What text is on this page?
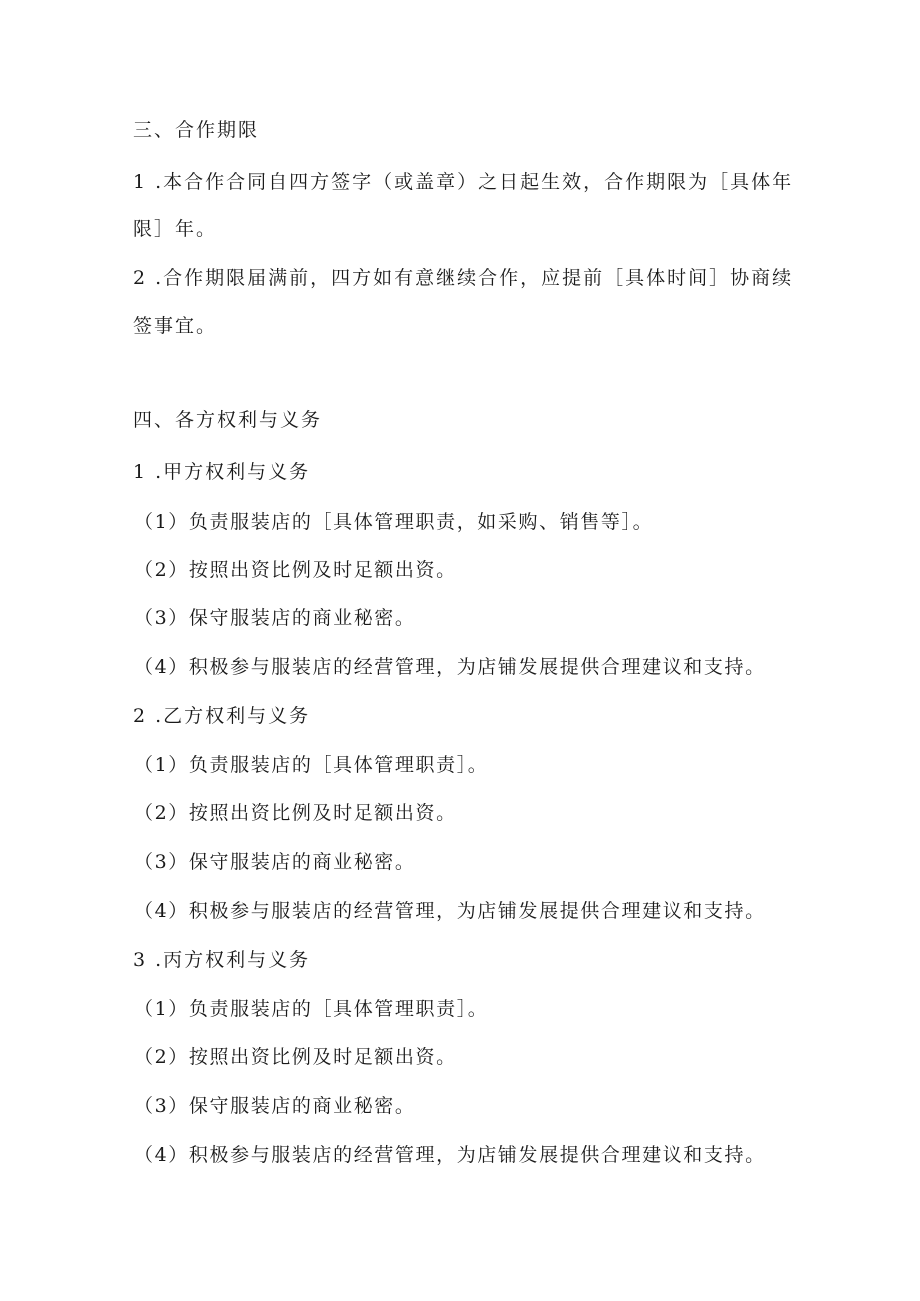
三、合作期限
1 .本合作合同自四方签字（或盖章）之日起生效，合作期限为［具体年
限］年。
2 .合作期限届满前，四方如有意继续合作，应提前［具体时间］协商续
签事宜。
四、各方权利与义务
1 .甲方权利与义务
（1）负责服装店的［具体管理职责，如采购、销售等］。
（2）按照出资比例及时足额出资。
（3）保守服装店的商业秘密。
（4）积极参与服装店的经营管理，为店铺发展提供合理建议和支持。
2 .乙方权利与义务
（1）负责服装店的［具体管理职责］。
（2）按照出资比例及时足额出资。
（3）保守服装店的商业秘密。
（4）积极参与服装店的经营管理，为店铺发展提供合理建议和支持。
3 .丙方权利与义务
（1）负责服装店的［具体管理职责］。
（2）按照出资比例及时足额出资。
（3）保守服装店的商业秘密。
（4）积极参与服装店的经营管理，为店铺发展提供合理建议和支持。
